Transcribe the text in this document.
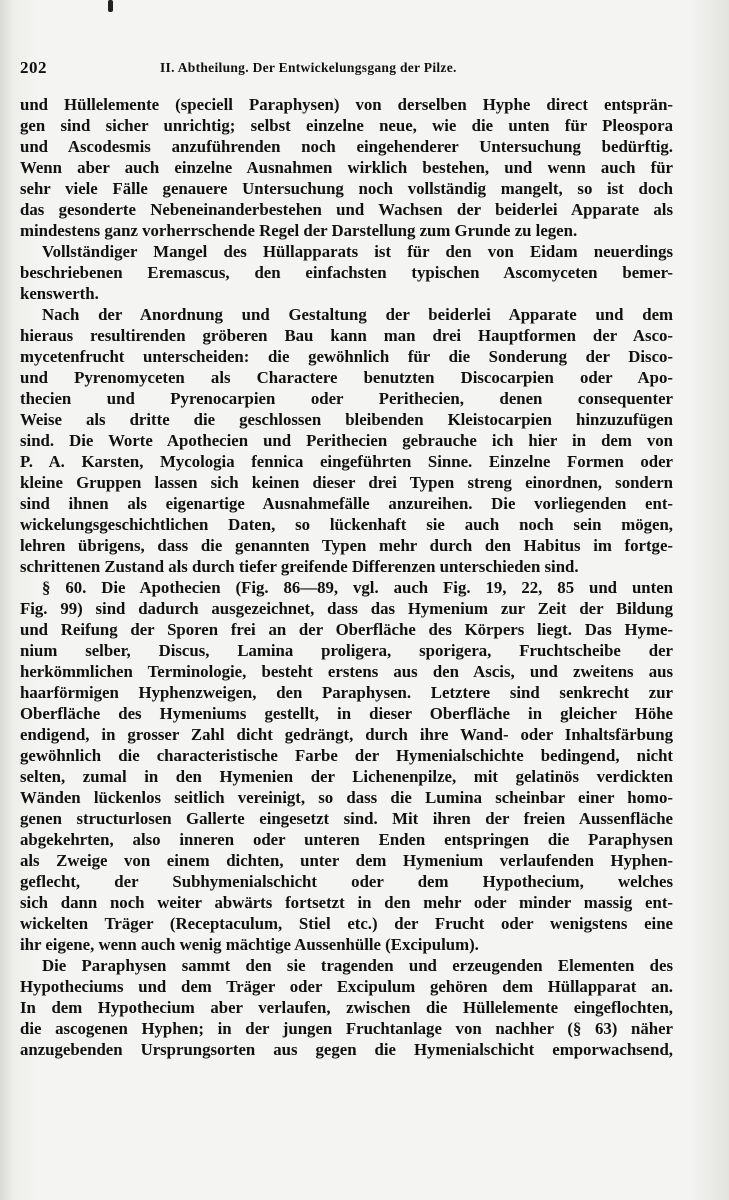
202	II. Abtheilung. Der Entwickelungsgang der Pilze.
und Hüllelemente (speciell Paraphysen) von derselben Hyphe direct entsprän-
gen sind sicher unrichtig; selbst einzelne neue, wie die unten für Pleospora
und Ascodesmis anzuführenden noch eingehenderer Untersuchung bedürftig.
Wenn aber auch einzelne Ausnahmen wirklich bestehen, und wenn auch für
sehr viele Fälle genauere Untersuchung noch vollständig mangelt, so ist doch
das gesonderte Nebeneinanderbestehen und Wachsen der beiderlei Apparate als
mindestens ganz vorherrschende Regel der Darstellung zum Grunde zu legen.
Vollständiger Mangel des Hüllapparats ist für den von Eidam neuerdings
beschriebenen Eremascus, den einfachsten typischen Ascomyceten bemer-
kenswerth.
Nach der Anordnung und Gestaltung der beiderlei Apparate und dem
hieraus resultirenden gröberen Bau kann man drei Hauptformen der Asco-
mycetenfrucht unterscheiden: die gewöhnlich für die Sonderung der Disco-
und Pyrenomyceten als Charactere benutzten Discocarpien oder Apo-
thecien und Pyrenocarpien oder Perithecien, denen consequenter
Weise als dritte die geschlossen bleibenden Kleistocarpien hinzuzufügen
sind. Die Worte Apothecien und Perithecien gebrauche ich hier in dem von
P. A. Karsten, Mycologia fennica eingeführten Sinne. Einzelne Formen oder
kleine Gruppen lassen sich keinen dieser drei Typen streng einordnen, sondern
sind ihnen als eigenartige Ausnahmefälle anzureihen. Die vorliegenden ent-
wickelungsgeschichtlichen Daten, so lückenhaft sie auch noch sein mögen,
lehren übrigens, dass die genannten Typen mehr durch den Habitus im fortge-
schrittenen Zustand als durch tiefer greifende Differenzen unterschieden sind.
§ 60. Die Apothecien (Fig. 86—89, vgl. auch Fig. 19, 22, 85 und unten
Fig. 99) sind dadurch ausgezeichnet, dass das Hymenium zur Zeit der Bildung
und Reifung der Sporen frei an der Oberfläche des Körpers liegt. Das Hyme-
nium selber, Discus, Lamina proligera, sporigera, Fruchtscheibe der
herkömmlichen Terminologie, besteht erstens aus den Ascis, und zweitens aus
haarförmigen Hyphenzweigen, den Paraphysen. Letztere sind senkrecht zur
Oberfläche des Hymeniums gestellt, in dieser Oberfläche in gleicher Höhe
endigend, in grosser Zahl dicht gedrängt, durch ihre Wand- oder Inhaltsfärbung
gewöhnlich die characteristische Farbe der Hymenialschichte bedingend, nicht
selten, zumal in den Hymenien der Lichenenpilze, mit gelatinös verdickten
Wänden lückenlos seitlich vereinigt, so dass die Lumina scheinbar einer homo-
genen structurlosen Gallerte eingesetzt sind. Mit ihren der freien Aussenfläche
abgekehrten, also inneren oder unteren Enden entspringen die Paraphysen
als Zweige von einem dichten, unter dem Hymenium verlaufenden Hyphen-
geflecht, der Subhymenialschicht oder dem Hypothecium, welches
sich dann noch weiter abwärts fortsetzt in den mehr oder minder massig ent-
wickelten Träger (Receptaculum, Stiel etc.) der Frucht oder wenigstens eine
ihr eigene, wenn auch wenig mächtige Aussenhülle (Excipulum).
Die Paraphysen sammt den sie tragenden und erzeugenden Elementen des
Hypotheciums und dem Träger oder Excipulum gehören dem Hüllapparat an.
In dem Hypothecium aber verlaufen, zwischen die Hüllelemente eingeflochten,
die ascogenen Hyphen; in der jungen Fruchtanlage von nachher (§ 63) näher
anzugebenden Ursprungsorten aus gegen die Hymenialschicht emporwachsend,
